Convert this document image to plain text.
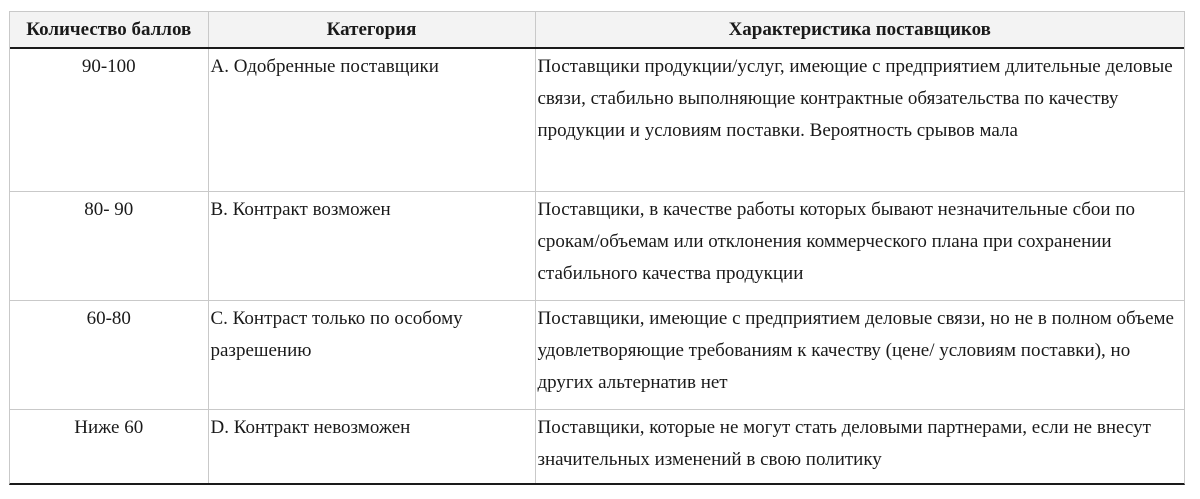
Количество баллов	Категория	Характеристика поставщиков
90-100	A. Одобренные поставщики	Поставщики продукции/услуг, имеющие с предприятием длительные деловые связи, стабильно выполняющие контрактные обязательства по качеству продукции и условиям поставки. Вероятность срывов мала
80- 90	B. Контракт возможен	Поставщики, в качестве работы которых бывают незначительные сбои по срокам/объемам или отклонения коммерческого плана при сохранении стабильного качества продукции
60-80	C. Контраст только по особому разрешению	Поставщики, имеющие с предприятием деловые связи, но не в полном объеме удовлетворяющие требованиям к качеству (цене/ условиям поставки), но других альтернатив нет
Ниже 60	D. Контракт невозможен	Поставщики, которые не могут стать деловыми партнерами, если не внесут значительных изменений в свою политику
